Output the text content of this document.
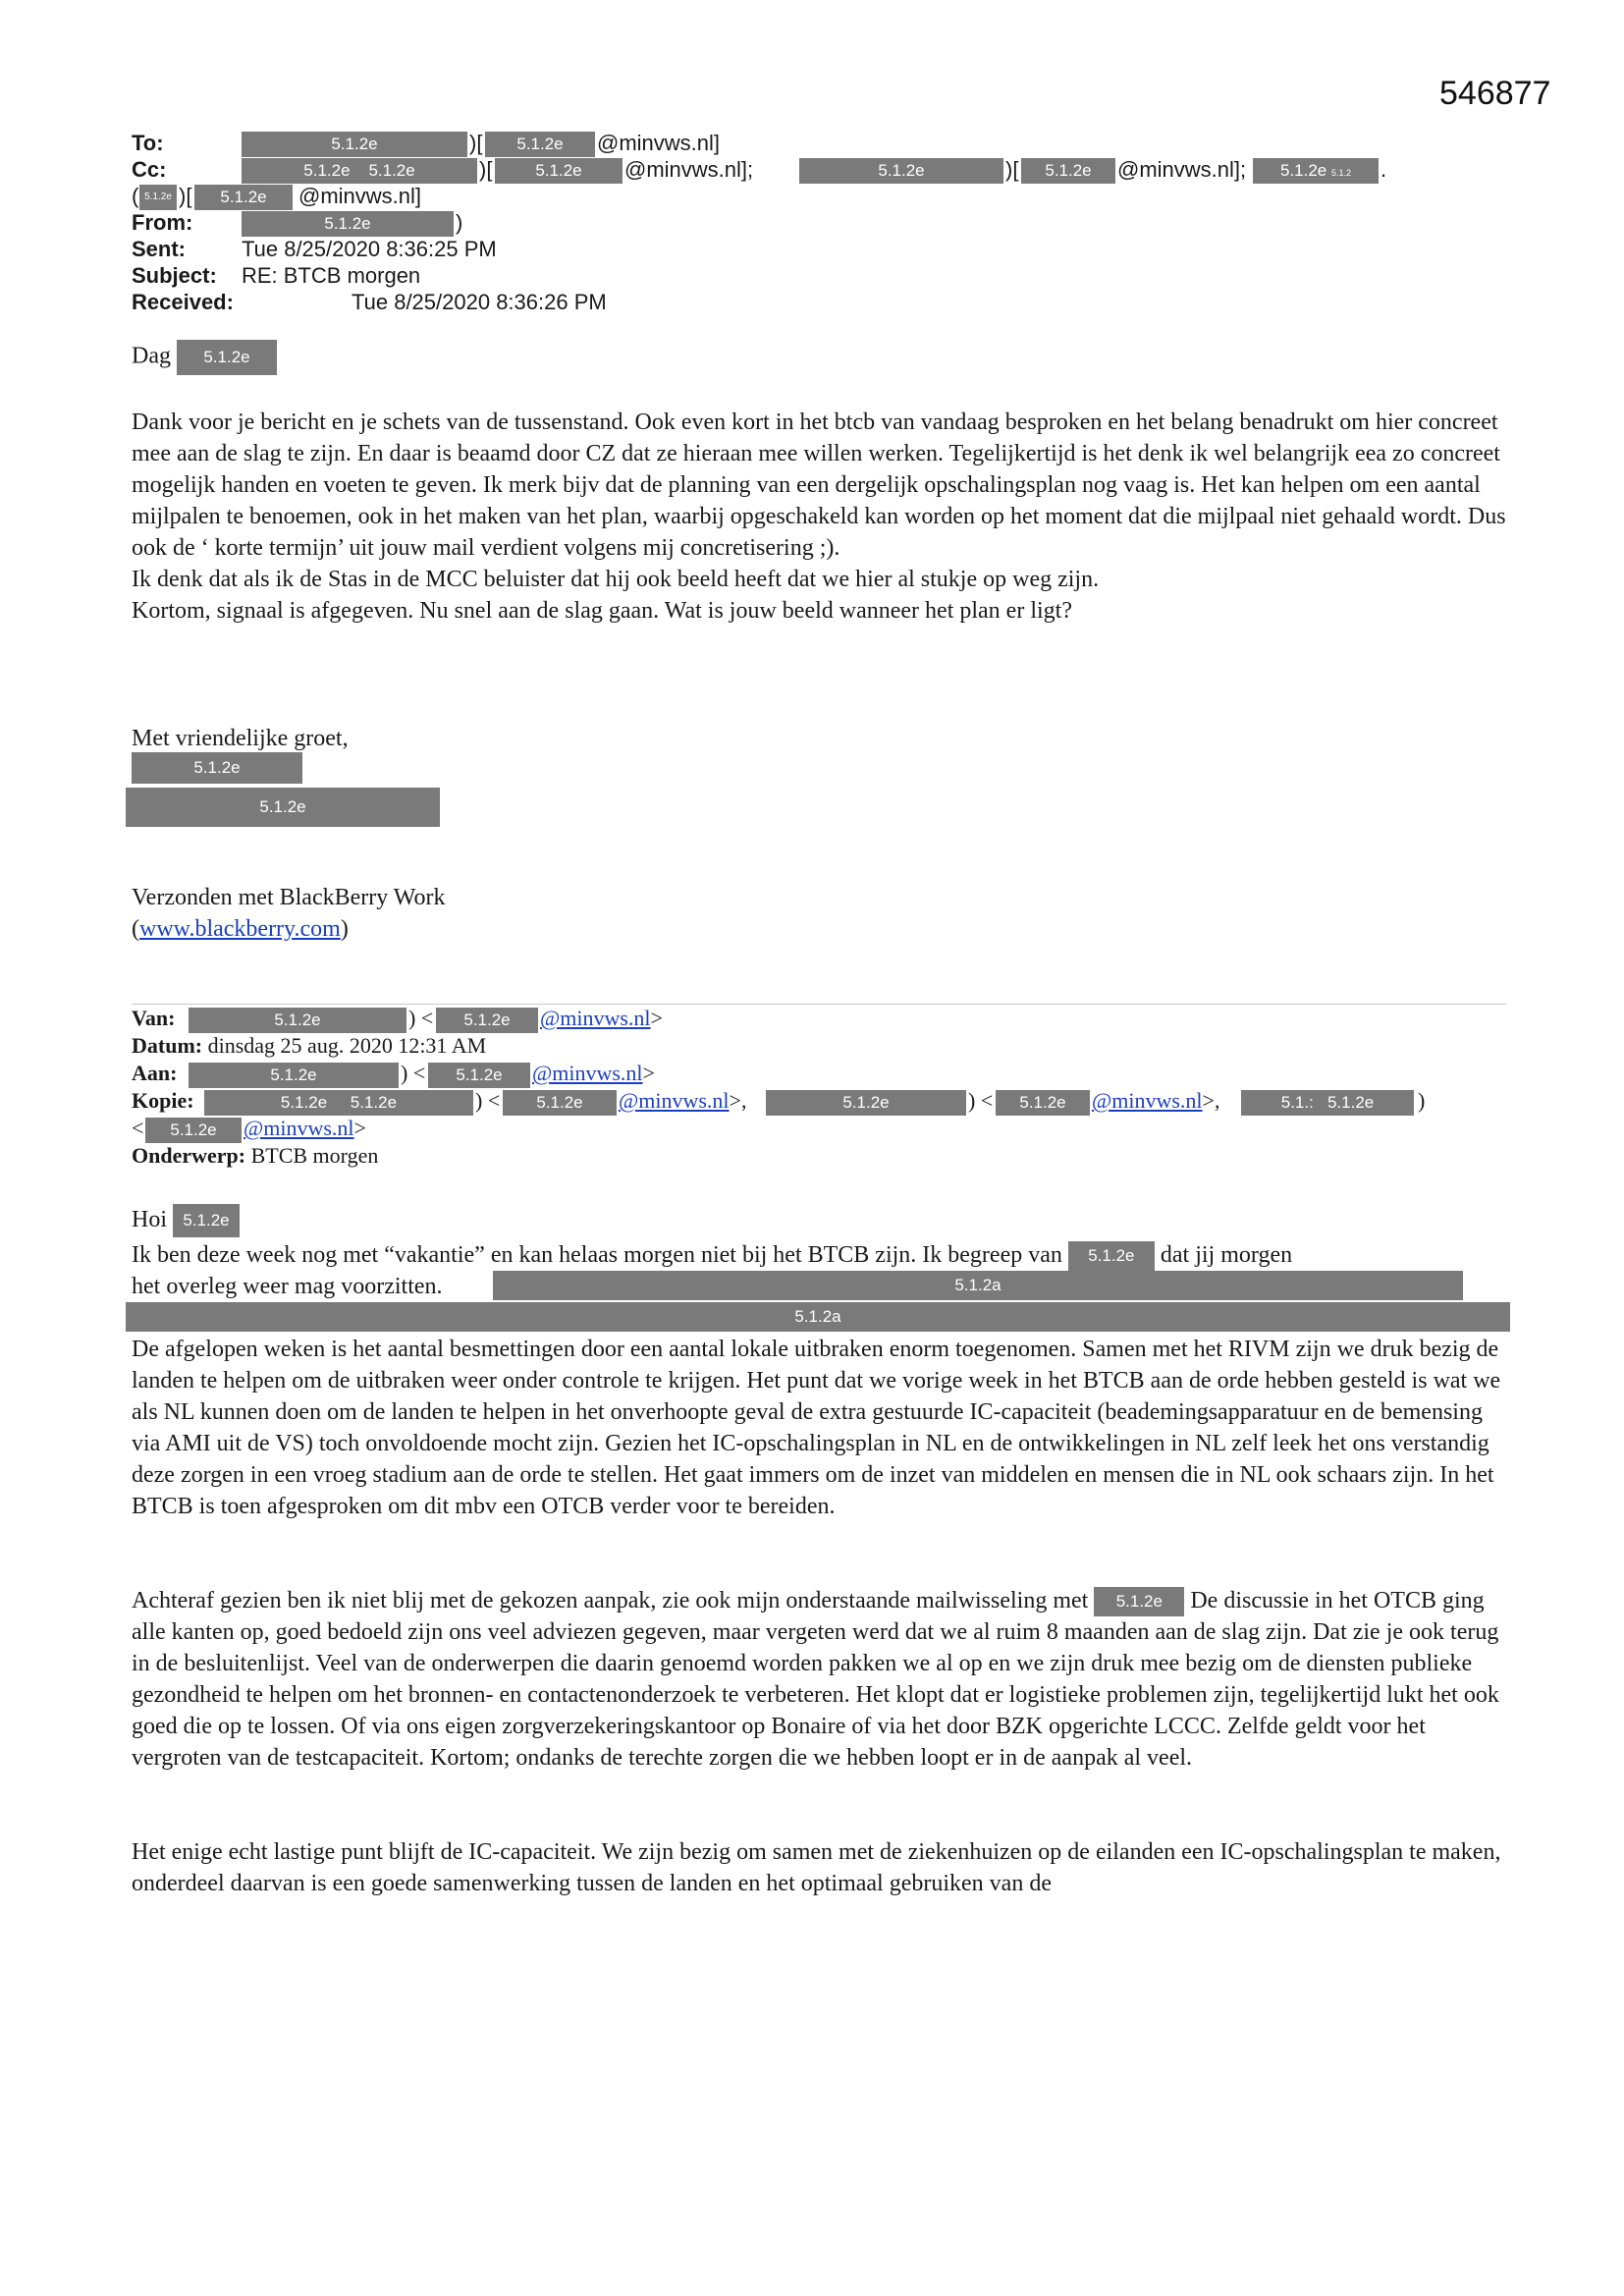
546877
To:	5.1.2e	)[	5.1.2e	@minvws.nl]
Cc:	5.1.2e    5.1.2e	)[	5.1.2e	@minvws.nl];	5.1.2e	)[	5.1.2e	@minvws.nl];	5.1.2e 5.1.2	.
( 5.1.2e )[	5.1.2e	@minvws.nl]
From:	5.1.2e	)
Sent:	Tue 8/25/2020 8:36:25 PM
Subject: RE: BTCB morgen
Received:	Tue 8/25/2020 8:36:26 PM
Dag 5.1.2e

Dank voor je bericht en je schets van de tussenstand. Ook even kort in het btcb van vandaag besproken en het belang benadrukt om hier concreet mee aan de slag te zijn. En daar is beaamd door CZ dat ze hieraan mee willen werken. Tegelijkertijd is het denk ik wel belangrijk eea zo concreet mogelijk handen en voeten te geven. Ik merk bijv dat de planning van een dergelijk opschalingsplan nog vaag is. Het kan helpen om een aantal mijlpalen te benoemen, ook in het maken van het plan, waarbij opgeschakeld kan worden op het moment dat die mijlpaal niet gehaald wordt. Dus ook de ‘ korte termijn’ uit jouw mail verdient volgens mij concretisering ;).

Ik denk dat als ik de Stas in de MCC beluister dat hij ook beeld heeft dat we hier al stukje op weg zijn.

Kortom, signaal is afgegeven. Nu snel aan de slag gaan. Wat is jouw beeld wanneer het plan er ligt?

Met vriendelijke groet,
5.1.2e
5.1.2e

Verzonden met BlackBerry Work

(www.blackberry.com)

Van:	5.1.2e	) <	5.1.2e	@minvws.nl>
Datum: dinsdag 25 aug. 2020 12:31 AM
Aan:	5.1.2e	) <	5.1.2e	@minvws.nl>
Kopie:	5.1.2e     5.1.2e	) <	5.1.2e	@minvws.nl>,	5.1.2e	) <	5.1.2e	@minvws.nl>,	5.1.:   5.1.2e	)
<	5.1.2e	@minvws.nl>
Onderwerp: BTCB morgen
Hoi 5.1.2e
Ik ben deze week nog met “vakantie” en kan helaas morgen niet bij het BTCB zijn. Ik begreep van 5.1.2e dat jij morgen
het overleg weer mag voorzitten.	5.1.2a
5.1.2a
De afgelopen weken is het aantal besmettingen door een aantal lokale uitbraken enorm toegenomen. Samen met het RIVM zijn we druk bezig de landen te helpen om de uitbraken weer onder controle te krijgen. Het punt dat we vorige week in het BTCB aan de orde hebben gesteld is wat we als NL kunnen doen om de landen te helpen in het onverhoopte geval de extra gestuurde IC-capaciteit (beademingsapparatuur en de bemensing via AMI uit de VS) toch onvoldoende mocht zijn. Gezien het IC-opschalingsplan in NL en de ontwikkelingen in NL zelf leek het ons verstandig deze zorgen in een vroeg stadium aan de orde te stellen. Het gaat immers om de inzet van middelen en mensen die in NL ook schaars zijn. In het BTCB is toen afgesproken om dit mbv een OTCB verder voor te bereiden.
Achteraf gezien ben ik niet blij met de gekozen aanpak, zie ook mijn onderstaande mailwisseling met 5.1.2e De discussie in het OTCB ging alle kanten op, goed bedoeld zijn ons veel adviezen gegeven, maar vergeten werd dat we al ruim 8 maanden aan de slag zijn. Dat zie je ook terug in de besluitenlijst. Veel van de onderwerpen die daarin genoemd worden pakken we al op en we zijn druk mee bezig om de diensten publieke gezondheid te helpen om het bronnen- en contactenonderzoek te verbeteren. Het klopt dat er logistieke problemen zijn, tegelijkertijd lukt het ook goed die op te lossen. Of via ons eigen zorgverzekeringskantoor op Bonaire of via het door BZK opgerichte LCCC. Zelfde geldt voor het vergroten van de testcapaciteit. Kortom; ondanks de terechte zorgen die we hebben loopt er in de aanpak al veel.
Het enige echt lastige punt blijft de IC-capaciteit. We zijn bezig om samen met de ziekenhuizen op de eilanden een IC-opschalingsplan te maken, onderdeel daarvan is een goede samenwerking tussen de landen en het optimaal gebruiken van de
